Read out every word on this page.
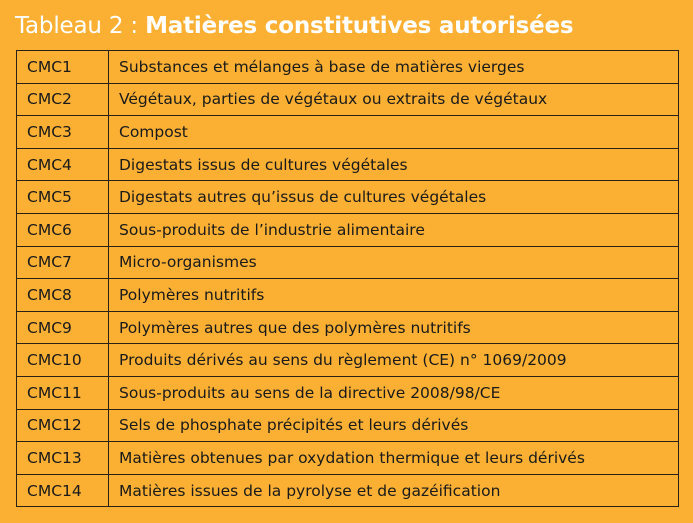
Tableau 2 : Matières constitutives autorisées
CMC1	Substances et mélanges à base de matières vierges
CMC2	Végétaux, parties de végétaux ou extraits de végétaux
CMC3	Compost
CMC4	Digestats issus de cultures végétales
CMC5	Digestats autres qu’issus de cultures végétales
CMC6	Sous-produits de l’industrie alimentaire
CMC7	Micro-organismes
CMC8	Polymères nutritifs
CMC9	Polymères autres que des polymères nutritifs
CMC10	Produits dérivés au sens du règlement (CE) n° 1069/2009
CMC11	Sous-produits au sens de la directive 2008/98/CE
CMC12	Sels de phosphate précipités et leurs dérivés
CMC13	Matières obtenues par oxydation thermique et leurs dérivés
CMC14	Matières issues de la pyrolyse et de gazéification
